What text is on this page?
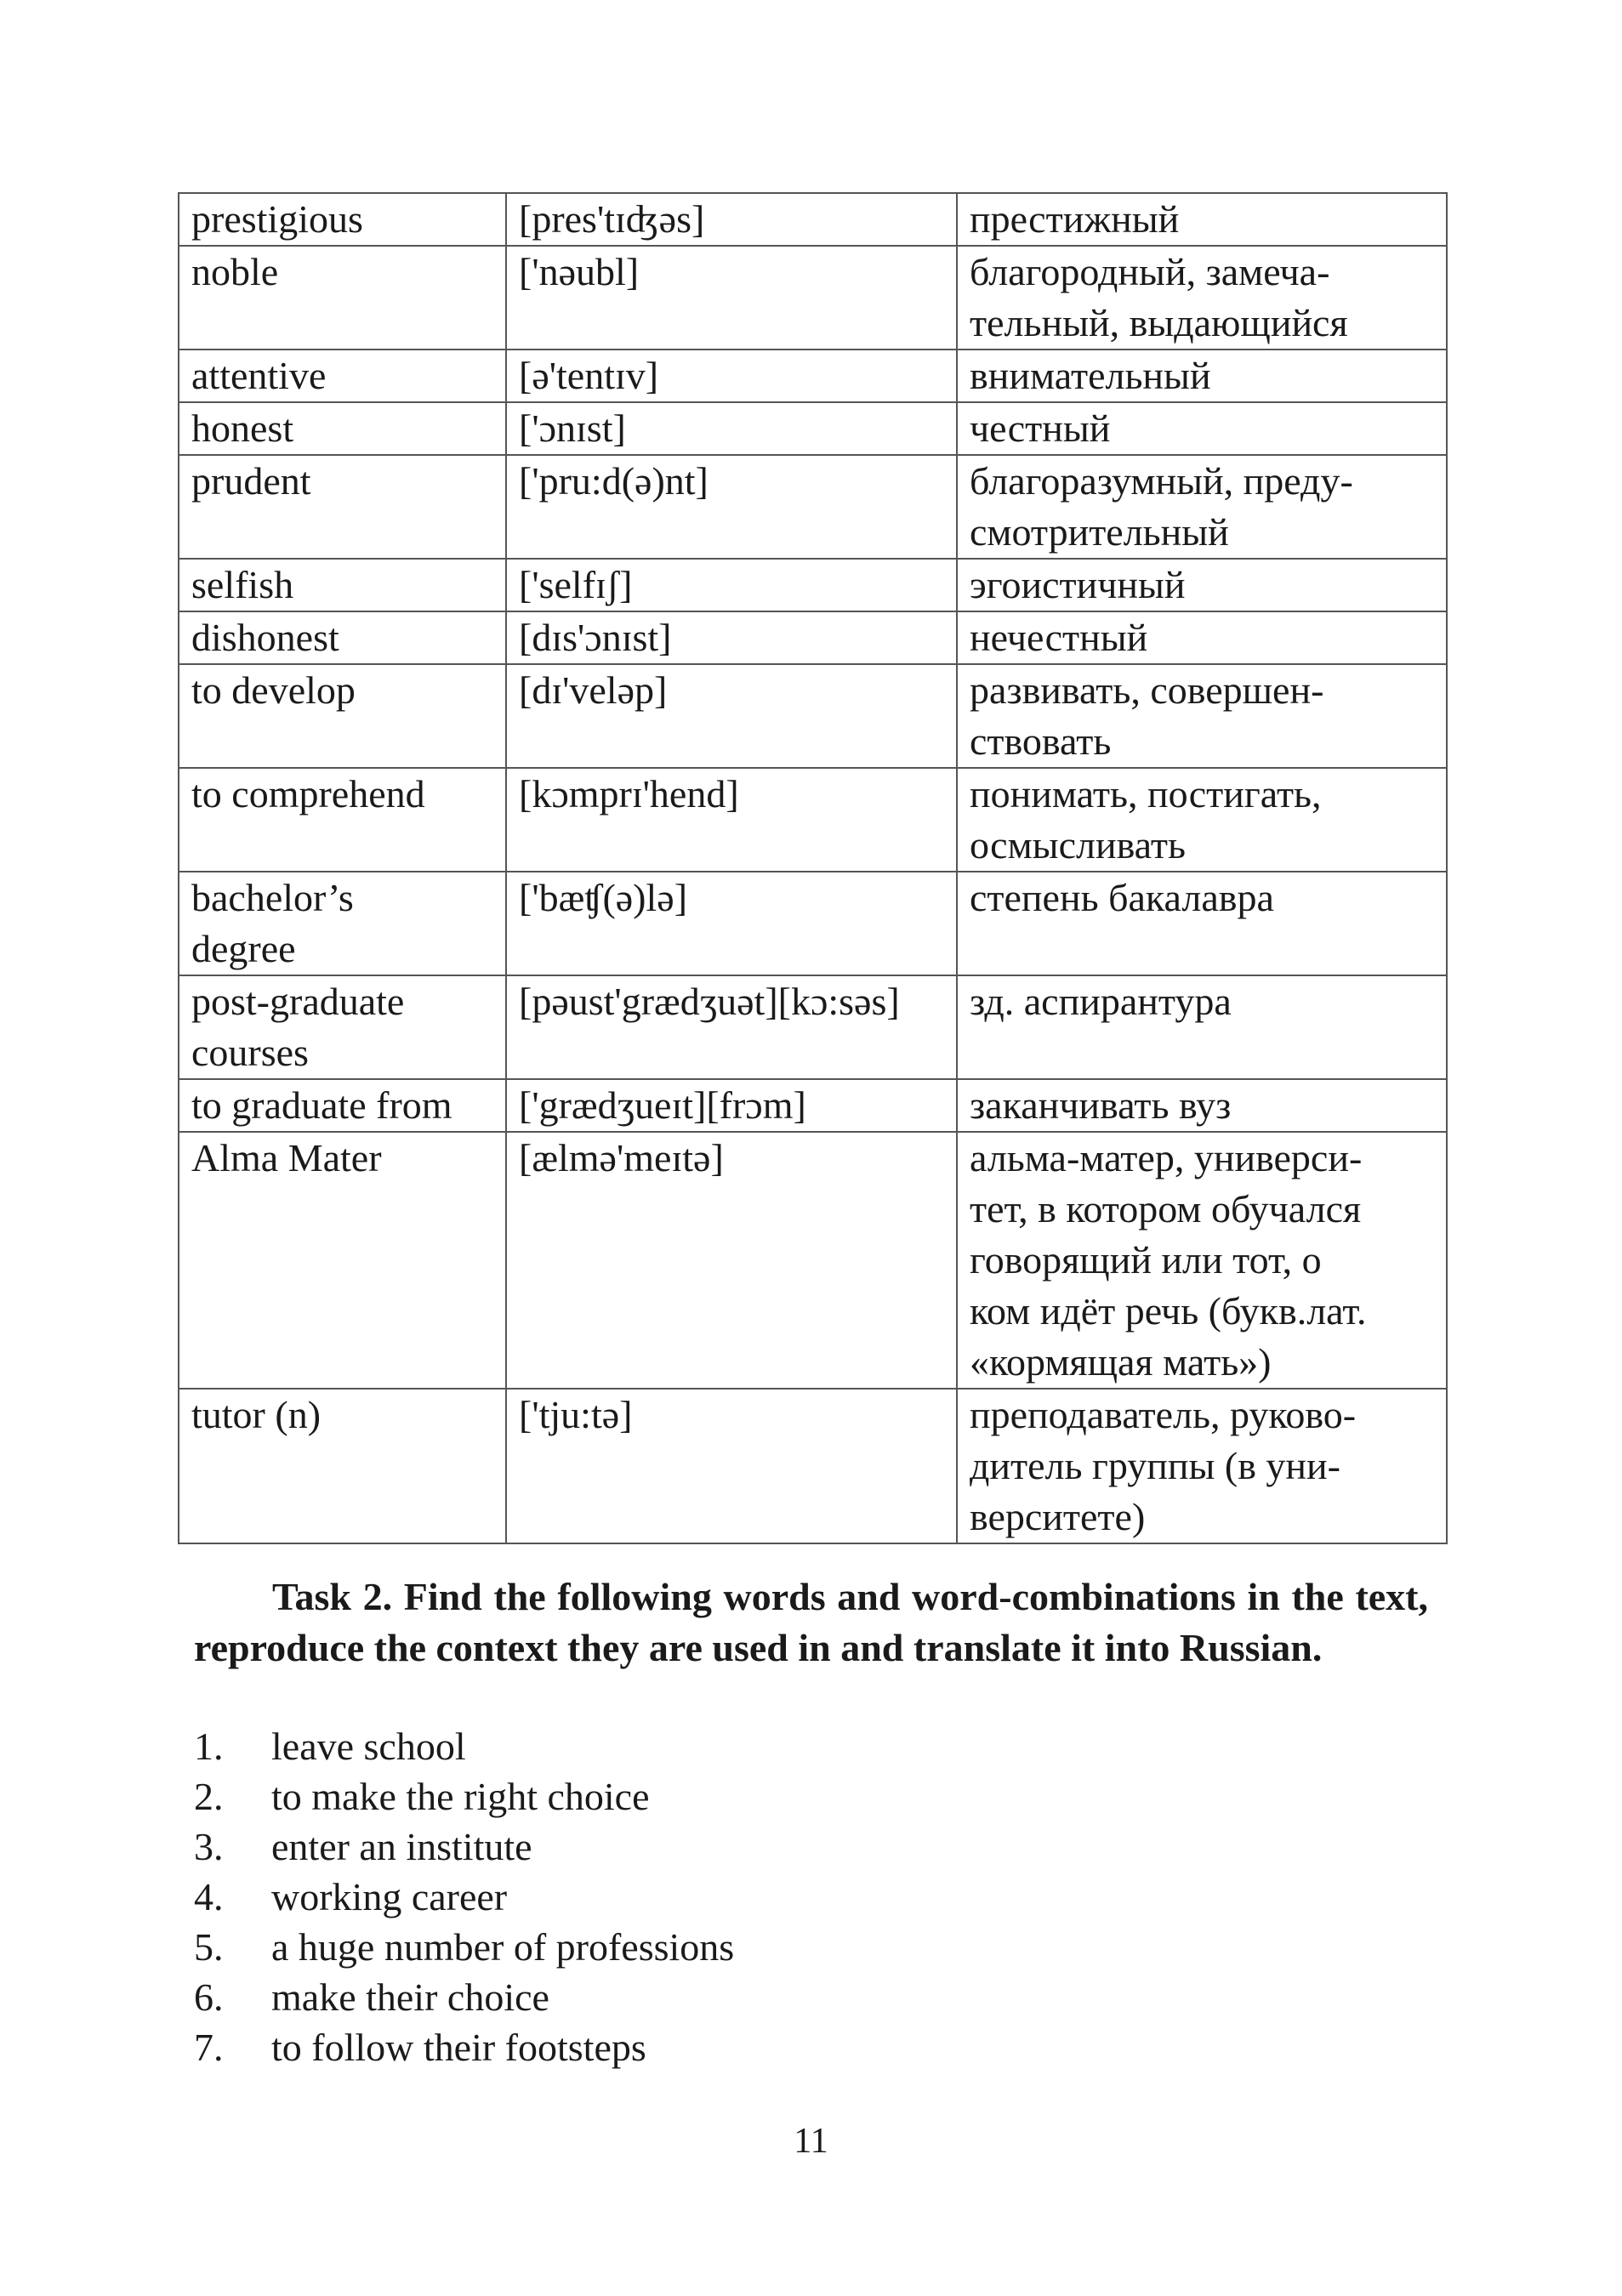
prestigious	[pres'tɪʤəs]	престижный
noble	['nəubl]	благородный, замеча-
тельный, выдающийся
attentive	[ə'tentɪv]	внимательный
honest	['ɔnɪst]	честный
prudent	['pru:d(ə)nt]	благоразумный, преду-
смотрительный
selfish	['selfɪʃ]	эгоистичный
dishonest	[dɪs'ɔnɪst]	нечестный
to develop	[dɪ'veləp]	развивать, совершен-
ствовать
to comprehend	[kɔmprɪ'hend]	понимать, постигать,
осмысливать
bachelor’s
degree	['bæʧ(ə)lə]	степень бакалавра
post-graduate
courses	[pəust'grædʒuət][kɔ:səs]	зд. аспирантура
to graduate from	['grædʒueɪt][frɔm]	заканчивать вуз
Alma Mater	[ælmə'meɪtə]	альма-матер, универси-
тет, в котором обучался
говорящий или тот, о
ком идёт речь (букв.лат.
«кормящая мать»)
tutor (n)	['tju:tə]	преподаватель, руково-
дитель группы (в уни-
верситете)
Task 2. Find the following words and word-combinations in the text, reproduce the context they are used in and translate it into Russian.
1.	leave school
2.	to make the right choice
3.	enter an institute
4.	working career
5.	a huge number of professions
6.	make their choice
7.	to follow their footsteps
11
